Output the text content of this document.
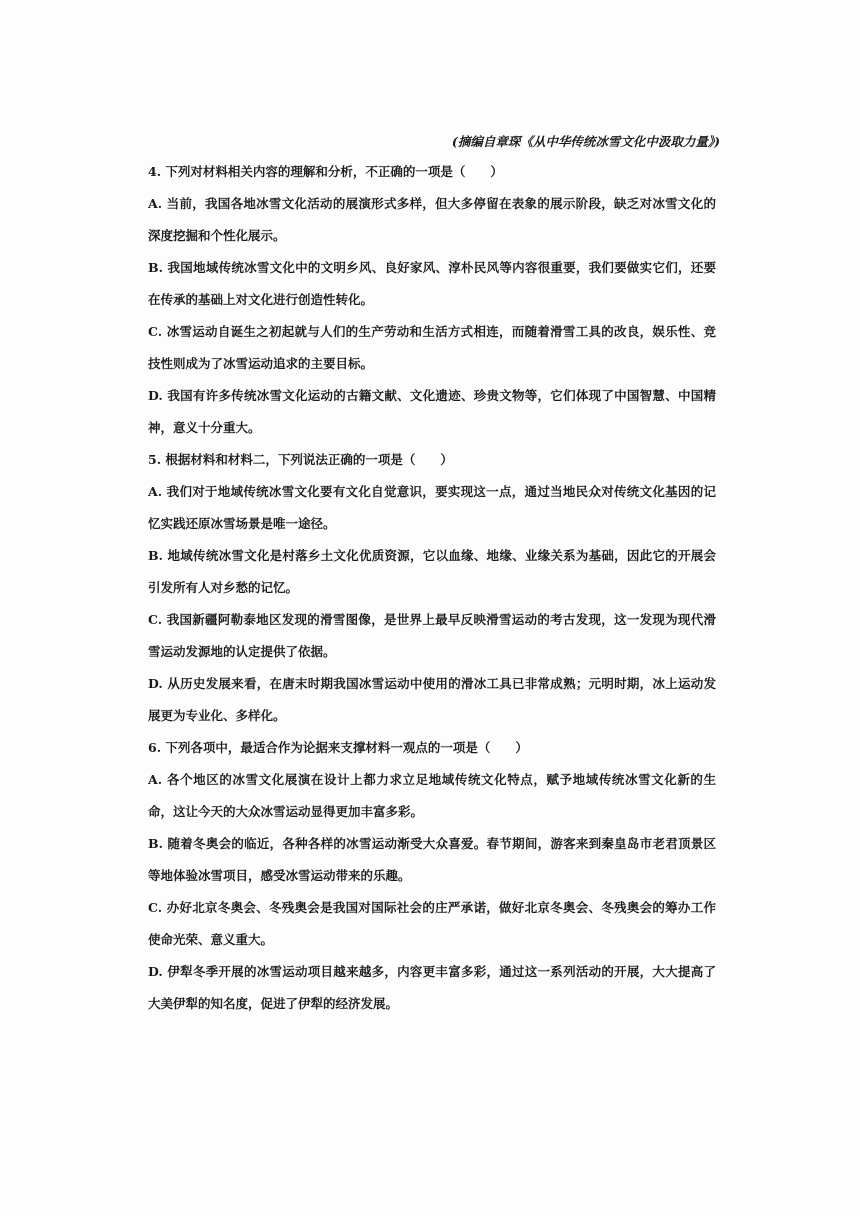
(摘编自章琛《从中华传统冰雪文化中汲取力量》)

4. 下列对材料相关内容的理解和分析，不正确的一项是（　　）

A. 当前，我国各地冰雪文化活动的展演形式多样，但大多停留在表象的展示阶段，缺乏对冰雪文化的深度挖掘和个性化展示。

B. 我国地域传统冰雪文化中的文明乡风、良好家风、淳朴民风等内容很重要，我们要做实它们，还要在传承的基础上对文化进行创造性转化。

C. 冰雪运动自诞生之初起就与人们的生产劳动和生活方式相连，而随着滑雪工具的改良，娱乐性、竞技性则成为了冰雪运动追求的主要目标。

D. 我国有许多传统冰雪文化运动的古籍文献、文化遗迹、珍贵文物等，它们体现了中国智慧、中国精神，意义十分重大。

5. 根据材料和材料二，下列说法正确的一项是（　　）

A. 我们对于地域传统冰雪文化要有文化自觉意识，要实现这一点，通过当地民众对传统文化基因的记忆实践还原冰雪场景是唯一途径。

B. 地域传统冰雪文化是村落乡土文化优质资源，它以血缘、地缘、业缘关系为基础，因此它的开展会引发所有人对乡愁的记忆。

C. 我国新疆阿勒泰地区发现的滑雪图像，是世界上最早反映滑雪运动的考古发现，这一发现为现代滑雪运动发源地的认定提供了依据。

D. 从历史发展来看，在唐末时期我国冰雪运动中使用的滑冰工具已非常成熟；元明时期，冰上运动发展更为专业化、多样化。

6. 下列各项中，最适合作为论据来支撑材料一观点的一项是（　　）

A. 各个地区的冰雪文化展演在设计上都力求立足地域传统文化特点，赋予地域传统冰雪文化新的生命，这让今天的大众冰雪运动显得更加丰富多彩。

B. 随着冬奥会的临近，各种各样的冰雪运动渐受大众喜爱。春节期间，游客来到秦皇岛市老君顶景区等地体验冰雪项目，感受冰雪运动带来的乐趣。

C. 办好北京冬奥会、冬残奥会是我国对国际社会的庄严承诺，做好北京冬奥会、冬残奥会的筹办工作使命光荣、意义重大。

D. 伊犁冬季开展的冰雪运动项目越来越多，内容更丰富多彩，通过这一系列活动的开展，大大提高了大美伊犁的知名度，促进了伊犁的经济发展。
